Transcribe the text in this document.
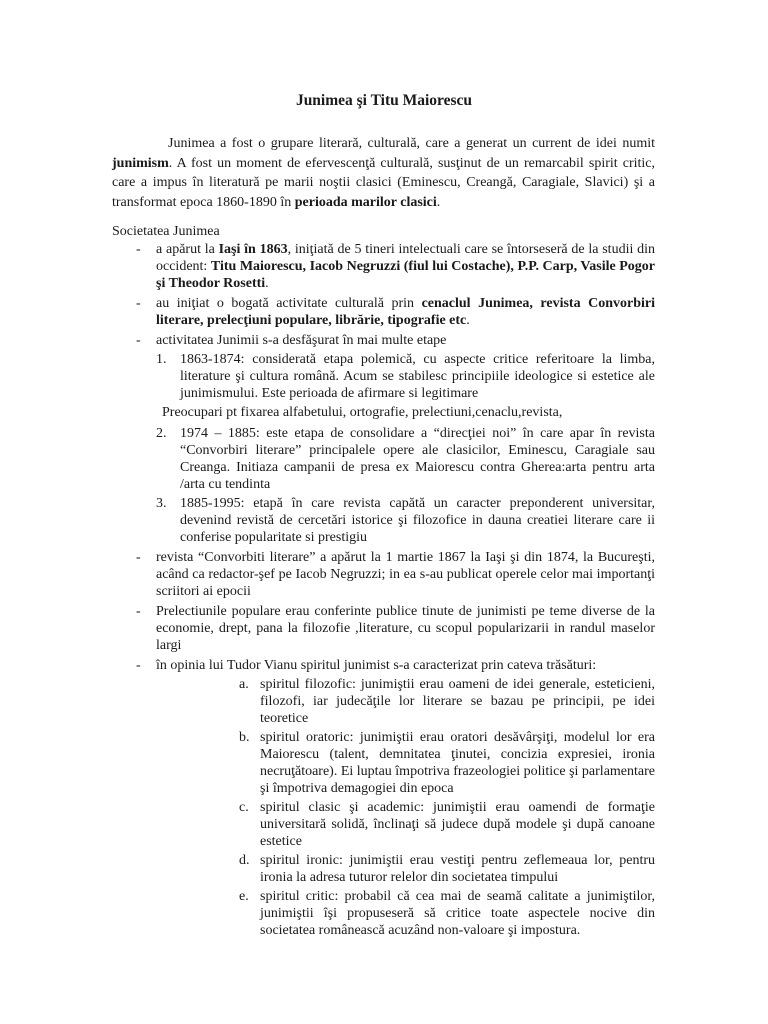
Junimea şi Titu Maiorescu

Junimea a fost o grupare literară, culturală, care a generat un current de idei numit junimism. A fost un moment de efervescenţă culturală, susţinut de un remarcabil spirit critic, care a impus în literatură pe marii noştii clasici (Eminescu, Creangă, Caragiale, Slavici) şi a transformat epoca 1860-1890 în perioada marilor clasici.

Societatea Junimea
- a apărut la Iaşi în 1863, iniţiată de 5 tineri intelectuali care se întorseseră de la studii din occident: Titu Maiorescu, Iacob Negruzzi (fiul lui Costache), P.P. Carp, Vasile Pogor şi Theodor Rosetti.
- au iniţiat o bogată activitate culturală prin cenaclul Junimea, revista Convorbiri literare, prelecţiuni populare, librărie, tipografie etc.
- activitatea Junimii s-a desfăşurat în mai multe etape
1. 1863-1874: considerată etapa polemică, cu aspecte critice referitoare la limba, literature şi cultura română. Acum se stabilesc principiile ideologice si estetice ale junimismului. Este perioada de afirmare si legitimare
Preocupari pt fixarea alfabetului, ortografie, prelectiuni,cenaclu,revista,
2. 1974 – 1885: este etapa de consolidare a “direcţiei noi” în care apar în revista “Convorbiri literare” principalele opere ale clasicilor, Eminescu, Caragiale sau Creanga. Initiaza campanii de presa ex Maiorescu contra Gherea:arta pentru arta /arta cu tendinta
3. 1885-1995: etapă în care revista capătă un caracter preponderent universitar, devenind revistă de cercetări istorice şi filozofice in dauna creatiei literare care ii conferise popularitate si prestigiu
- revista “Convorbiti literare” a apărut la 1 martie 1867 la Iaşi şi din 1874, la Bucureşti, acând ca redactor-şef pe Iacob Negruzzi; in ea s-au publicat operele celor mai importanţi scriitori ai epocii
- Prelectiunile populare erau conferinte publice tinute de junimisti pe teme diverse de la economie, drept, pana la filozofie ,literature, cu scopul popularizarii in randul maselor largi
- în opinia lui Tudor Vianu spiritul junimist s-a caracterizat prin cateva trăsături:
a. spiritul filozofic: junimiştii erau oameni de idei generale, esteticieni, filozofi, iar judecăţile lor literare se bazau pe principii, pe idei teoretice
b. spiritul oratoric: junimiştii erau oratori desăvârşiţi, modelul lor era Maiorescu (talent, demnitatea ţinutei, concizia expresiei, ironia necruţătoare). Ei luptau împotriva frazeologiei politice şi parlamentare şi împotriva demagogiei din epoca
c. spiritul clasic şi academic: junimiştii erau oamendi de formaţie universitară solidă, înclinaţi să judece după modele şi după canoane estetice
d. spiritul ironic: junimiştii erau vestiţi pentru zeflemeaua lor, pentru ironia la adresa tuturor relelor din societatea timpului
e. spiritul critic: probabil că cea mai de seamă calitate a junimiştilor, junimiştii îşi propuseseră să critice toate aspectele nocive din societatea românească acuzând non-valoare şi impostura.
